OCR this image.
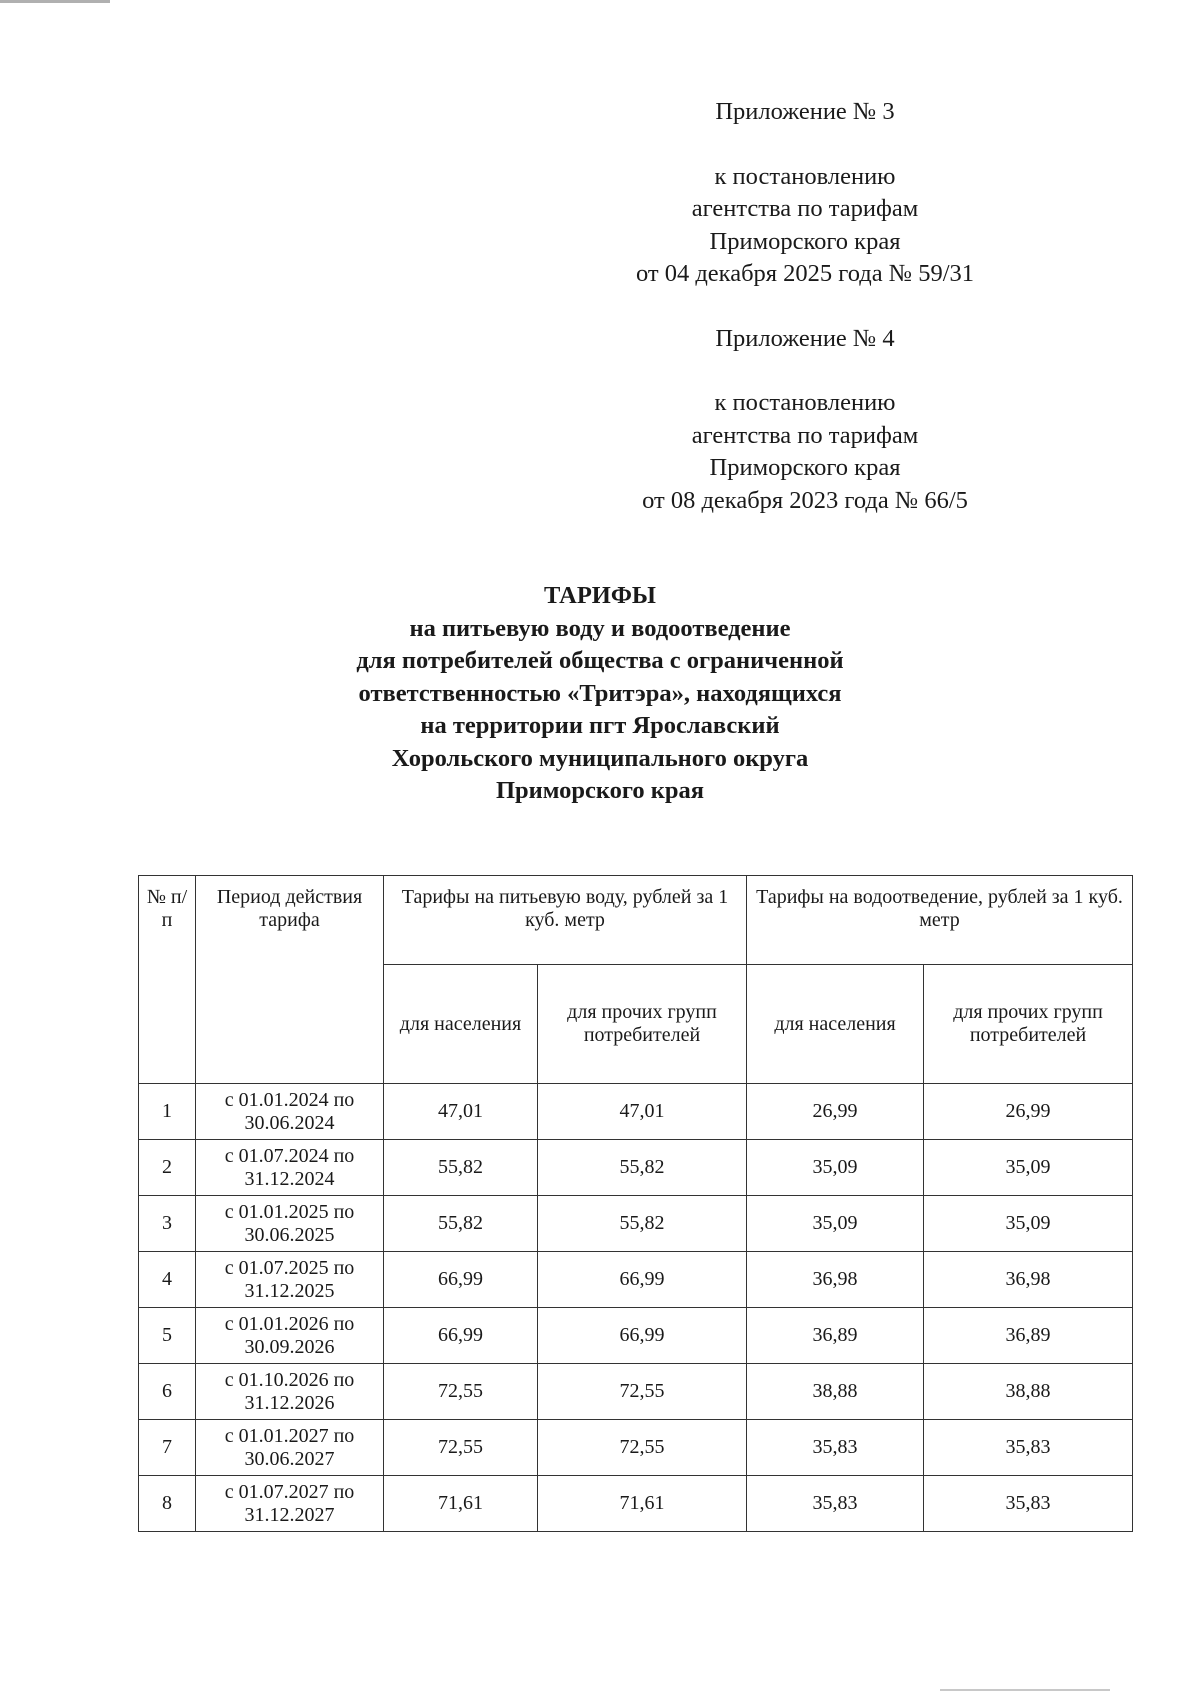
Приложение № 3

к постановлению

агентства по тарифам

Приморского края

от 04 декабря 2025 года № 59/31

Приложение № 4

к постановлению

агентства по тарифам

Приморского края

от 08 декабря 2023 года № 66/5

ТАРИФЫ

на питьевую воду и водоотведение

для потребителей общества с ограниченной

ответственностью «Тритэра», находящихся

на территории пгт Ярославский

Хорольского муниципального округа

Приморского края

№ п/п	Период действия тарифа	Тарифы на питьевую воду, рублей за 1 куб. метр		Тарифы на водоотведение, рублей за 1 куб. метр	
		для населения	для прочих групп потребителей	для населения	для прочих групп потребителей
1	с 01.01.2024 по 30.06.2024	47,01	47,01	26,99	26,99
2	с 01.07.2024 по 31.12.2024	55,82	55,82	35,09	35,09
3	с 01.01.2025 по 30.06.2025	55,82	55,82	35,09	35,09
4	с 01.07.2025 по 31.12.2025	66,99	66,99	36,98	36,98
5	с 01.01.2026 по 30.09.2026	66,99	66,99	36,89	36,89
6	с 01.10.2026 по 31.12.2026	72,55	72,55	38,88	38,88
7	с 01.01.2027 по 30.06.2027	72,55	72,55	35,83	35,83
8	с 01.07.2027 по 31.12.2027	71,61	71,61	35,83	35,83
